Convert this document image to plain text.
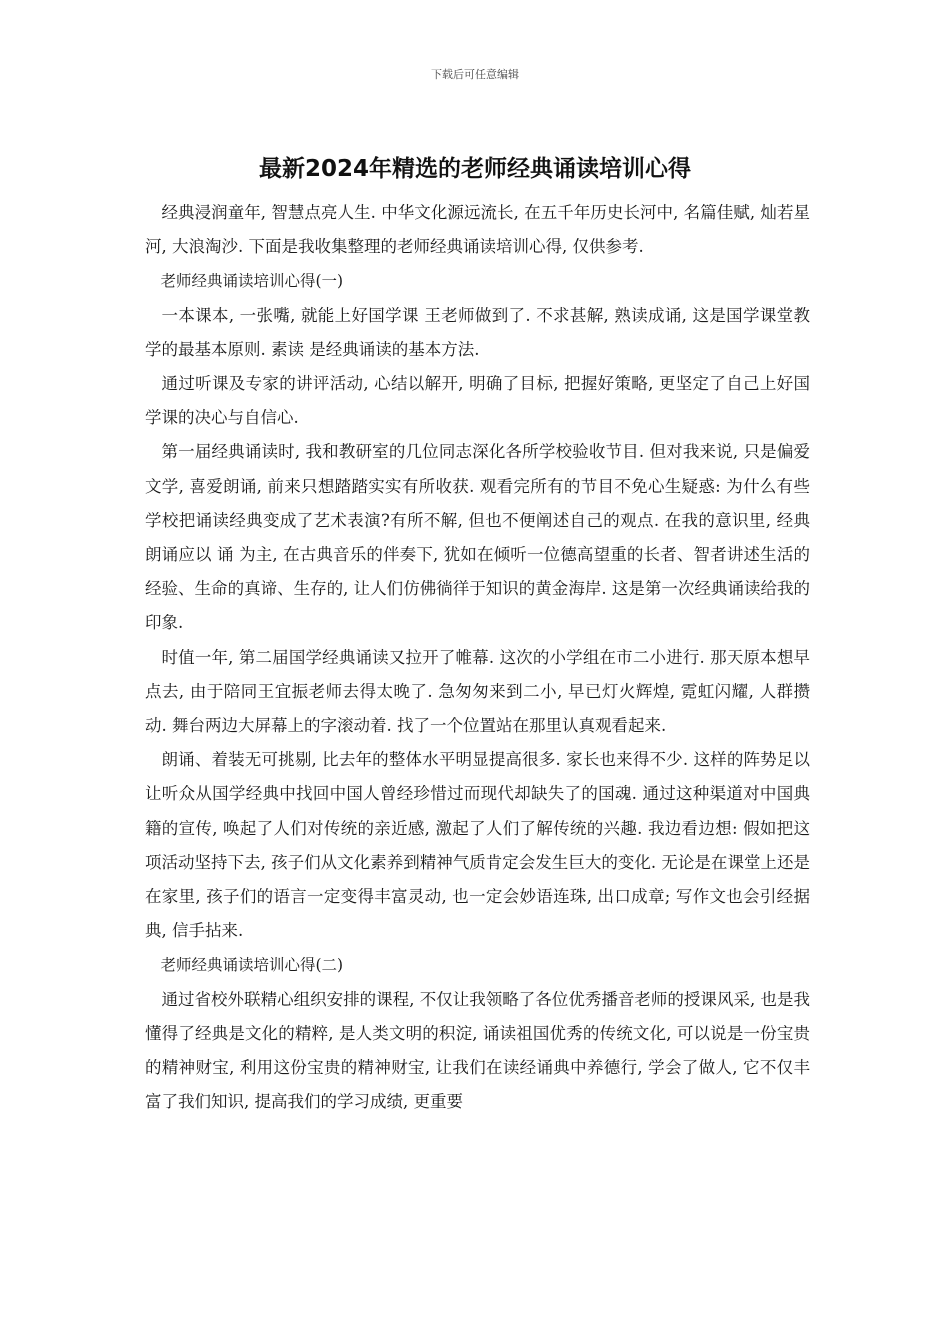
下载后可任意编辑
最新2024年精选的老师经典诵读培训心得

经典浸润童年, 智慧点亮人生. 中华文化源远流长, 在五千年历史长河中, 名篇佳赋, 灿若星河, 大浪淘沙. 下面是我收集整理的老师经典诵读培训心得, 仅供参考.

老师经典诵读培训心得(一)

一本课本, 一张嘴, 就能上好国学课 王老师做到了. 不求甚解, 熟读成诵, 这是国学课堂教学的最基本原则. 素读 是经典诵读的基本方法.

通过听课及专家的讲评活动, 心结以解开, 明确了目标, 把握好策略, 更坚定了自己上好国学课的决心与自信心.

第一届经典诵读时, 我和教研室的几位同志深化各所学校验收节目. 但对我来说, 只是偏爱文学, 喜爱朗诵, 前来只想踏踏实实有所收获. 观看完所有的节目不免心生疑惑: 为什么有些学校把诵读经典变成了艺术表演?有所不解, 但也不便阐述自己的观点. 在我的意识里, 经典朗诵应以 诵 为主, 在古典音乐的伴奏下, 犹如在倾听一位德高望重的长者、智者讲述生活的经验、生命的真谛、生存的, 让人们仿佛徜徉于知识的黄金海岸. 这是第一次经典诵读给我的印象.

时值一年, 第二届国学经典诵读又拉开了帷幕. 这次的小学组在市二小进行. 那天原本想早点去, 由于陪同王宜振老师去得太晚了. 急匆匆来到二小, 早已灯火辉煌, 霓虹闪耀, 人群攒动. 舞台两边大屏幕上的字滚动着. 找了一个位置站在那里认真观看起来.

朗诵、着装无可挑剔, 比去年的整体水平明显提高很多. 家长也来得不少. 这样的阵势足以让听众从国学经典中找回中国人曾经珍惜过而现代却缺失了的国魂. 通过这种渠道对中国典籍的宣传, 唤起了人们对传统的亲近感, 激起了人们了解传统的兴趣. 我边看边想: 假如把这项活动坚持下去, 孩子们从文化素养到精神气质肯定会发生巨大的变化. 无论是在课堂上还是在家里, 孩子们的语言一定变得丰富灵动, 也一定会妙语连珠, 出口成章; 写作文也会引经据典, 信手拈来.

老师经典诵读培训心得(二)

通过省校外联精心组织安排的课程, 不仅让我领略了各位优秀播音老师的授课风采, 也是我懂得了经典是文化的精粹, 是人类文明的积淀, 诵读祖国优秀的传统文化, 可以说是一份宝贵的精神财宝, 利用这份宝贵的精神财宝, 让我们在读经诵典中养德行, 学会了做人, 它不仅丰富了我们知识, 提高我们的学习成绩, 更重要
